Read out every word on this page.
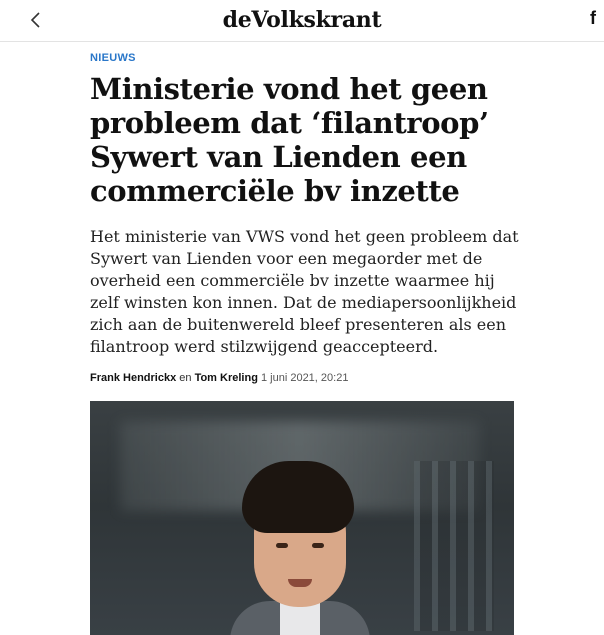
deVolkskrant	f
NIEUWS
Ministerie vond het geen probleem dat ‘filantroop’ Sywert van Lienden een commerciële bv inzette

Het ministerie van VWS vond het geen probleem dat Sywert van Lienden voor een megaorder met de overheid een commerciële bv inzette waarmee hij zelf winsten kon innen. Dat de mediapersoonlijkheid zich aan de buitenwereld bleef presenteren als een filantroop werd stilzwijgend geaccepteerd.

Frank Hendrickx en Tom Kreling 1 juni 2021, 20:21
